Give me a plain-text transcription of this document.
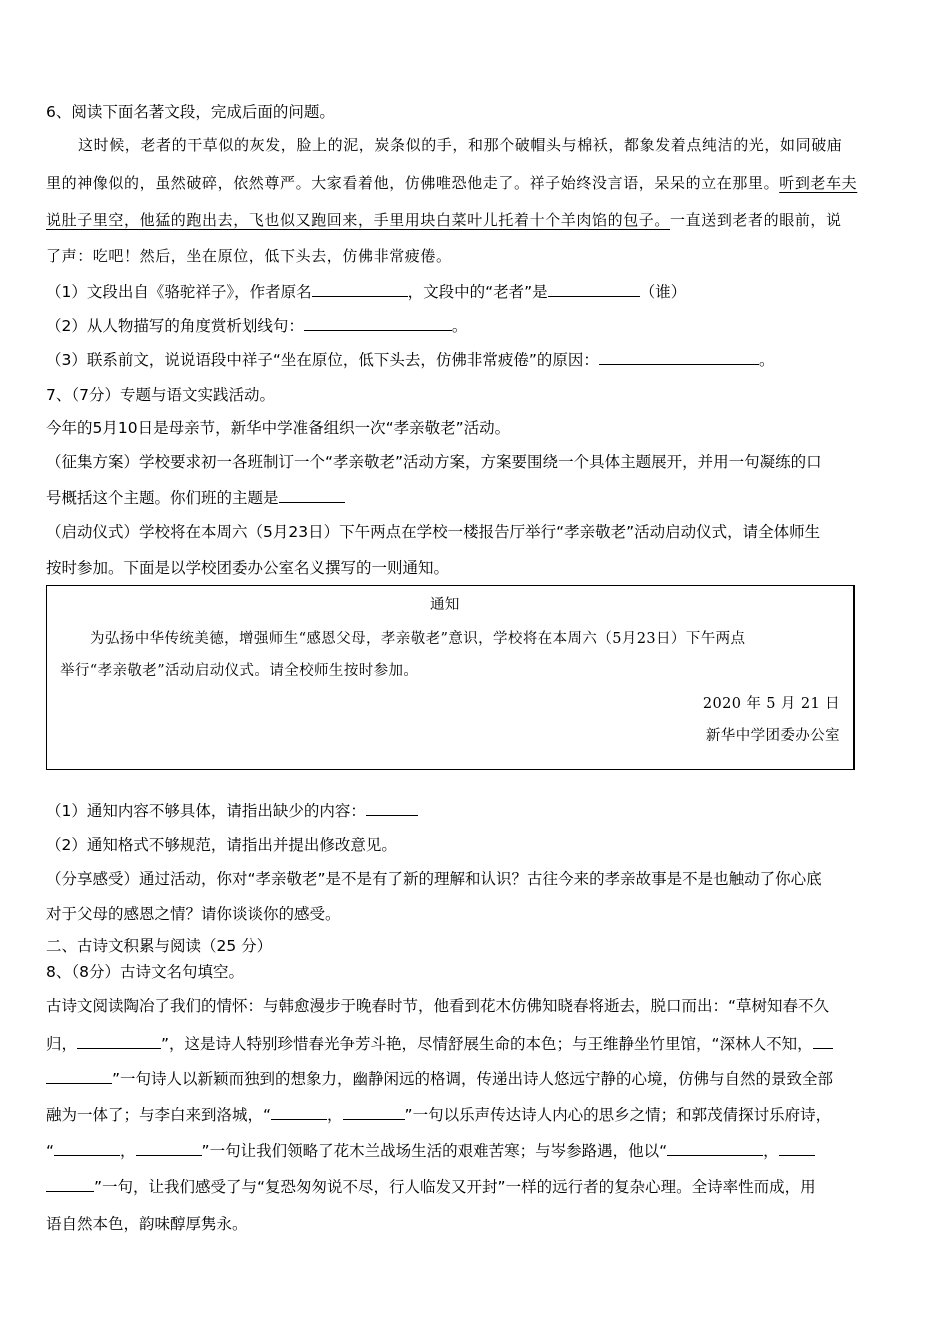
6、阅读下面名著文段，完成后面的问题。
这时候，老者的干草似的灰发，脸上的泥，炭条似的手，和那个破帽头与棉袄，都象发着点纯洁的光，如同破庙
里的神像似的，虽然破碎，依然尊严。大家看着他，仿佛唯恐他走了。祥子始终没言语，呆呆的立在那里。听到老车夫
说肚子里空，他猛的跑出去，飞也似又跑回来，手里用块白菜叶儿托着十个羊肉馅的包子。一直送到老者的眼前，说
了声：吃吧！然后，坐在原位，低下头去，仿佛非常疲倦。
（1）文段出自《骆驼祥子》，作者原名	，文段中的“老者”是	（谁）
（2）从人物描写的角度赏析划线句：	。
（3）联系前文，说说语段中祥子“坐在原位，低下头去，仿佛非常疲倦”的原因：	。
7、（7分）专题与语文实践活动。
今年的5月10日是母亲节，新华中学准备组织一次“孝亲敬老”活动。
（征集方案）学校要求初一各班制订一个“孝亲敬老”活动方案，方案要围绕一个具体主题展开，并用一句凝练的口
号概括这个主题。你们班的主题是
（启动仪式）学校将在本周六（5月23日）下午两点在学校一楼报告厅举行“孝亲敬老”活动启动仪式，请全体师生
按时参加。下面是以学校团委办公室名义撰写的一则通知。
通知
为弘扬中华传统美德，增强师生“感恩父母，孝亲敬老”意识，学校将在本周六（5月23日）下午两点
举行“孝亲敬老”活动启动仪式。请全校师生按时参加。
2020 年 5 月 21 日
新华中学团委办公室
（1）通知内容不够具体，请指出缺少的内容：
（2）通知格式不够规范，请指出并提出修改意见。
（分享感受）通过活动，你对“孝亲敬老”是不是有了新的理解和认识？古往今来的孝亲故事是不是也触动了你心底
对于父母的感恩之情？请你谈谈你的感受。
二、古诗文积累与阅读（25 分）
8、（8分）古诗文名句填空。
古诗文阅读陶冶了我们的情怀：与韩愈漫步于晚春时节，他看到花木仿佛知晓春将逝去，脱口而出：“草树知春不久
归，	”，这是诗人特别珍惜春光争芳斗艳，尽情舒展生命的本色；与王维静坐竹里馆，“深林人不知，
”一句诗人以新颖而独到的想象力，幽静闲远的格调，传递出诗人悠远宁静的心境，仿佛与自然的景致全部
融为一体了；与李白来到洛城，“	，	”一句以乐声传达诗人内心的思乡之情；和郭茂倩探讨乐府诗，
“	，	”一句让我们领略了花木兰战场生活的艰难苦寒；与岑参路遇，他以“	，
”一句，让我们感受了与“复恐匆匆说不尽，行人临发又开封”一样的远行者的复杂心理。全诗率性而成，用
语自然本色，韵味醇厚隽永。
